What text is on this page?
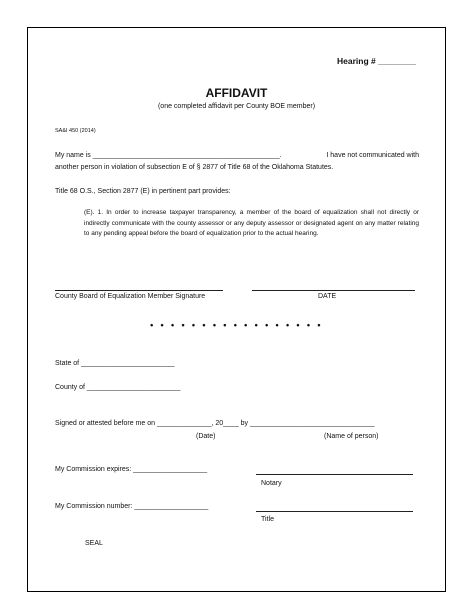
Hearing # ________
AFFIDAVIT
(one completed affidavit per County BOE member)
SA&I 450 (2014)
My name is ________________________________________________.	I have not communicated with
another person in violation of subsection E of § 2877 of Title 68 of the Oklahoma Statutes.
Title 68 O.S., Section 2877 (E) in pertinent part provides:
(E). 1. In order to increase taxpayer transparency, a member of the board of equalization shall not directly or indirectly communicate with the county assessor or any deputy assessor or designated agent on any matter relating to any pending appeal before the board of equalization prior to the actual hearing.
County Board of Equalization Member Signature	DATE
• • • • • • • • • • • • • • • • •
State of ________________________
County of ________________________
Signed or attested before me on ______________, 20____ by ________________________________
(Date)	(Name of person)
My Commission expires: ___________________
Notary
My Commission number: ___________________
Title
SEAL
